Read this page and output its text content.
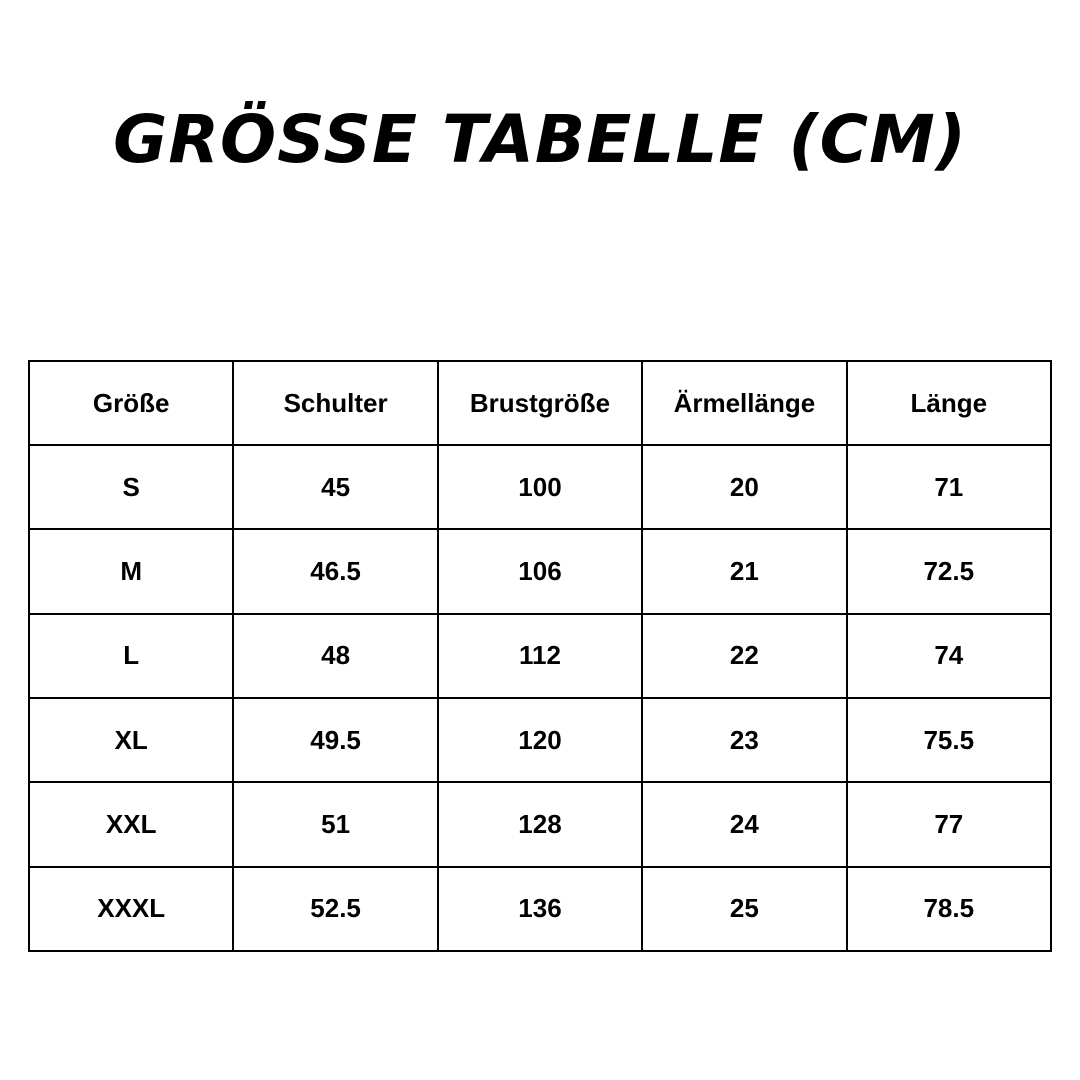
GRÖSSE TABELLE (CM)
Größe	Schulter	Brustgröße	Ärmellänge	Länge
S	45	100	20	71
M	46.5	106	21	72.5
L	48	112	22	74
XL	49.5	120	23	75.5
XXL	51	128	24	77
XXXL	52.5	136	25	78.5
